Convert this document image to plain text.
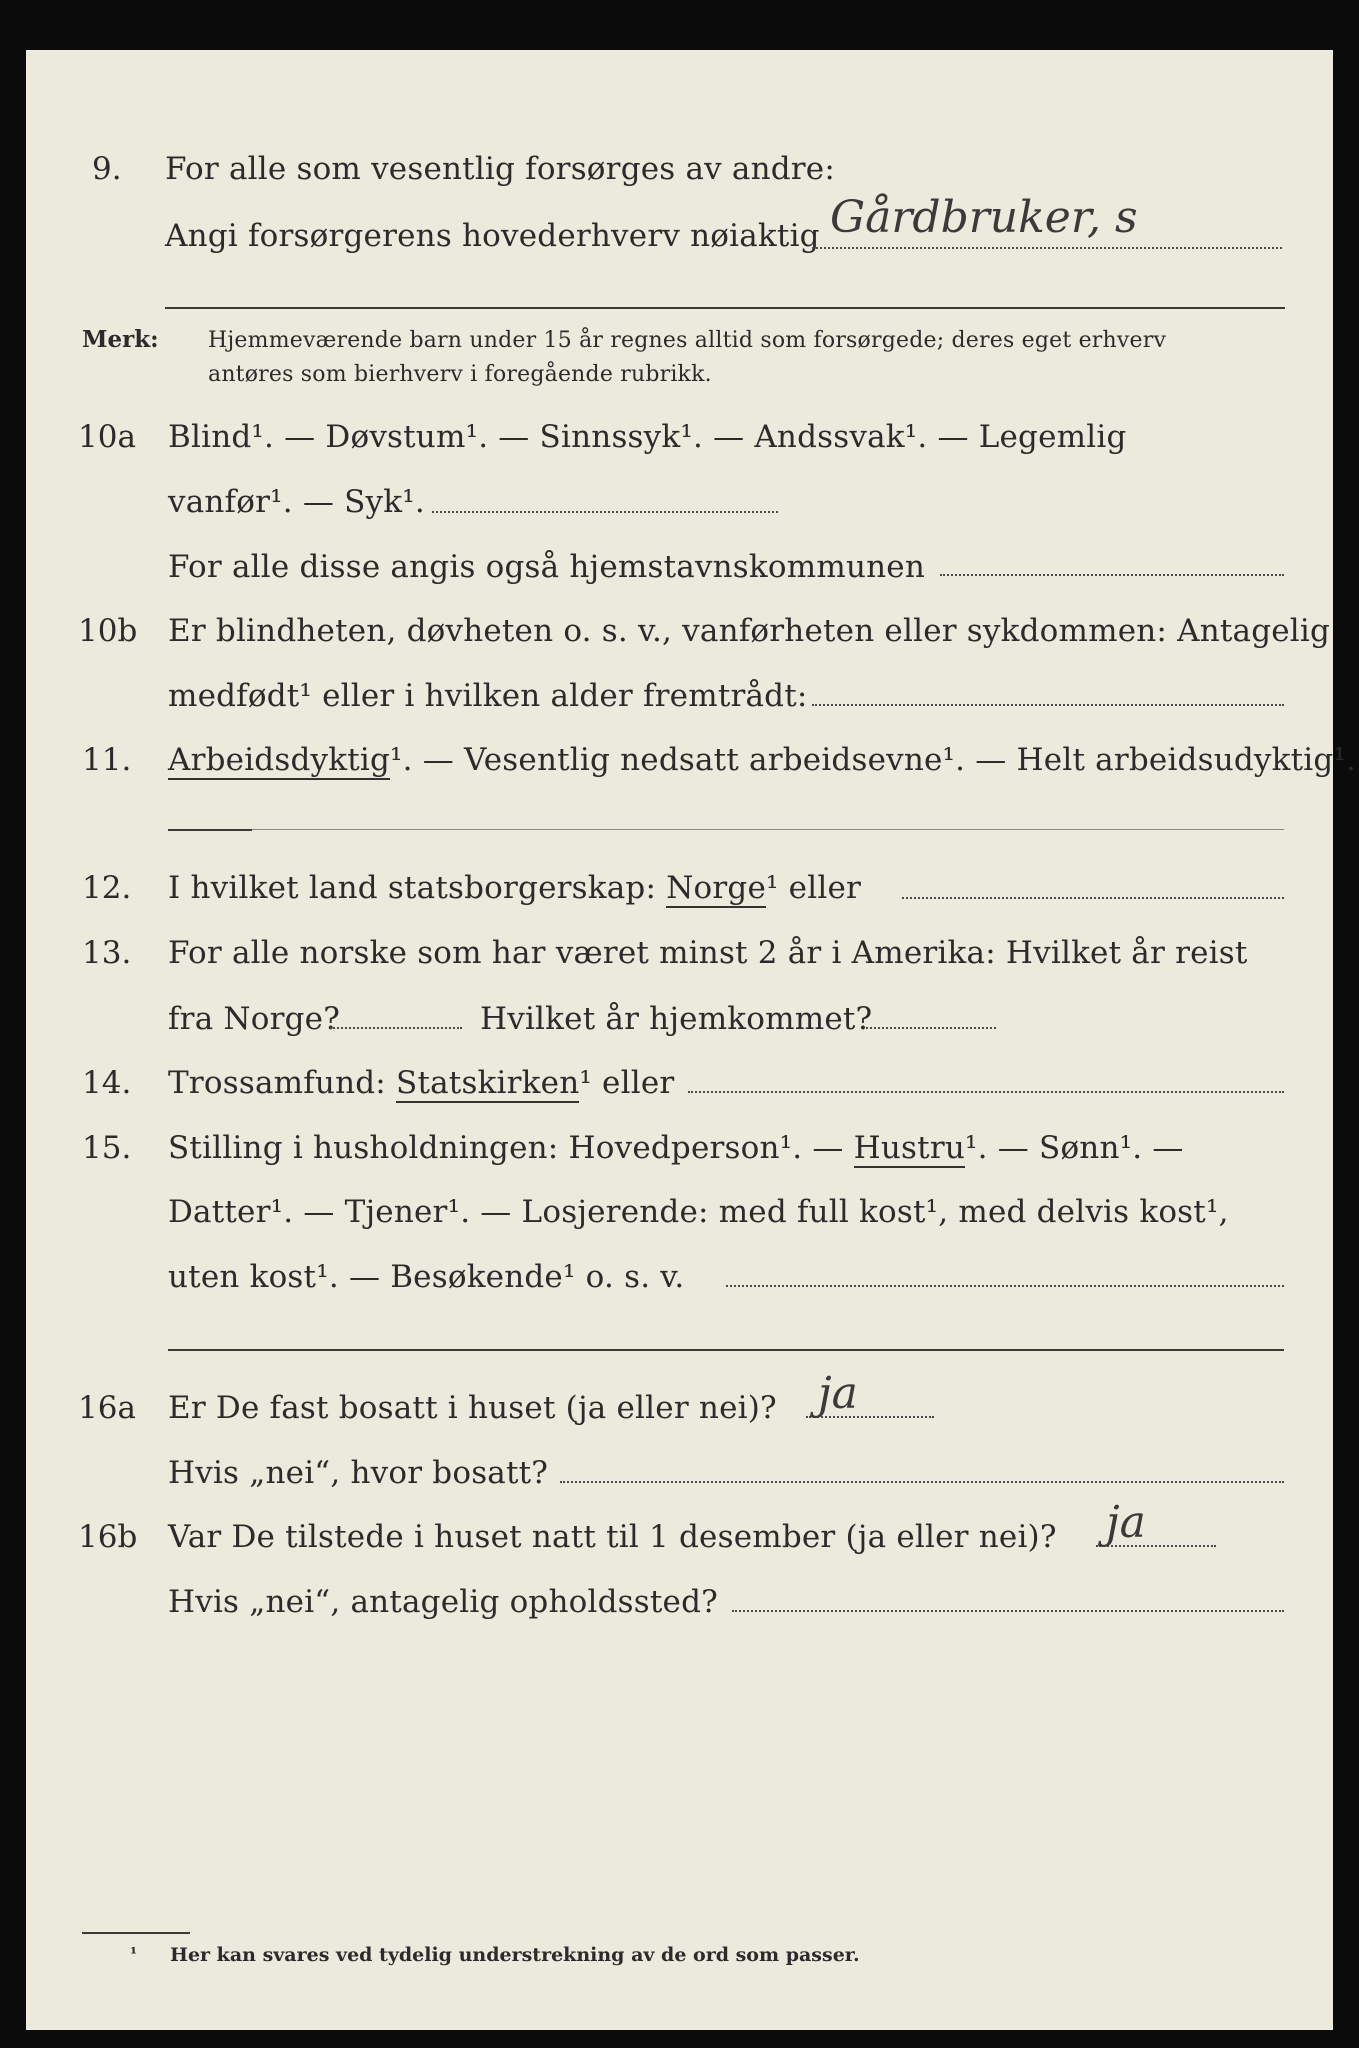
9. For alle som vesentlig forsørges av andre:
Angi forsørgerens hovederhverv nøiaktig Gårdbruker, s
Merk: Hjemmeværende barn under 15 år regnes alltid som forsørgede; deres eget erhverv
antøres som bierhverv i foregående rubrikk.
10a Blind¹. — Døvstum¹. — Sinnssyk¹. — Andssvak¹. — Legemlig
vanfør¹. — Syk¹.
For alle disse angis også hjemstavnskommunen
10b Er blindheten, døvheten o. s. v., vanførheten eller sykdommen: Antagelig
medfødt¹ eller i hvilken alder fremtrådt:
11. Arbeidsdyktig¹. — Vesentlig nedsatt arbeidsevne¹. — Helt arbeidsudyktig¹.
12. I hvilket land statsborgerskap: Norge¹ eller
13. For alle norske som har været minst 2 år i Amerika: Hvilket år reist
fra Norge?	Hvilket år hjemkommet?
14. Trossamfund: Statskirken¹ eller
15. Stilling i husholdningen: Hovedperson¹. — Hustru¹. — Sønn¹. —
Datter¹. — Tjener¹. — Losjerende: med full kost¹, med delvis kost¹,
uten kost¹. — Besøkende¹ o. s. v.
16a Er De fast bosatt i huset (ja eller nei)? ja
Hvis „nei“, hvor bosatt?
16b Var De tilstede i huset natt til 1 desember (ja eller nei)? ja
Hvis „nei“, antagelig opholdssted?
¹ Her kan svares ved tydelig understrekning av de ord som passer.
